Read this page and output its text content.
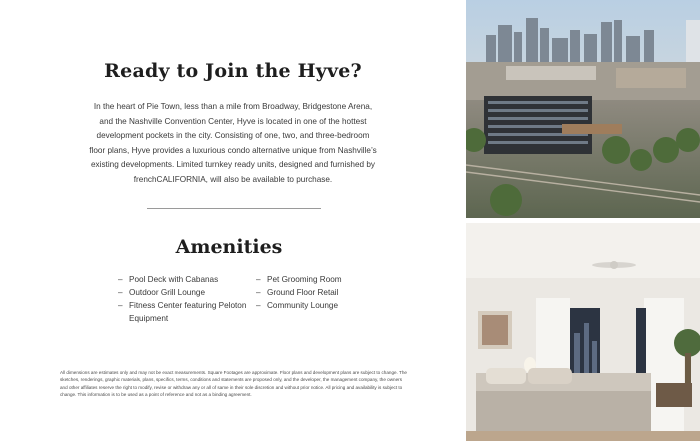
Ready to Join the Hyve?

In the heart of Pie Town, less than a mile from Broadway, Bridgestone Arena, and the Nashville Convention Center, Hyve is located in one of the hottest development pockets in the city. Consisting of one, two, and three-bedroom floor plans, Hyve provides a luxurious condo alternative unique from Nashville’s existing developments. Limited turnkey ready units, designed and furnished by frenchCALIFORNIA, will also be available to purchase.

Amenities
– Pool Deck with Cabanas
– Outdoor Grill Lounge
– Fitness Center featuring Peloton Equipment
– Pet Grooming Room
– Ground Floor Retail
– Community Lounge

All dimensions are estimates only and may not be exact measurements. Square Footages are approximate. Floor plans and development plans are subject to change. The sketches, renderings, graphic materials, plans, specifics, terms, conditions and statements are proposed only, and the developer, the management company, the owners and other affiliates reserve the right to modify, revise or withdraw any or all of same in their sole discretion and without prior notice. All pricing and availability is subject to change. This information is to be used as a point of reference and not as a binding agreement.
